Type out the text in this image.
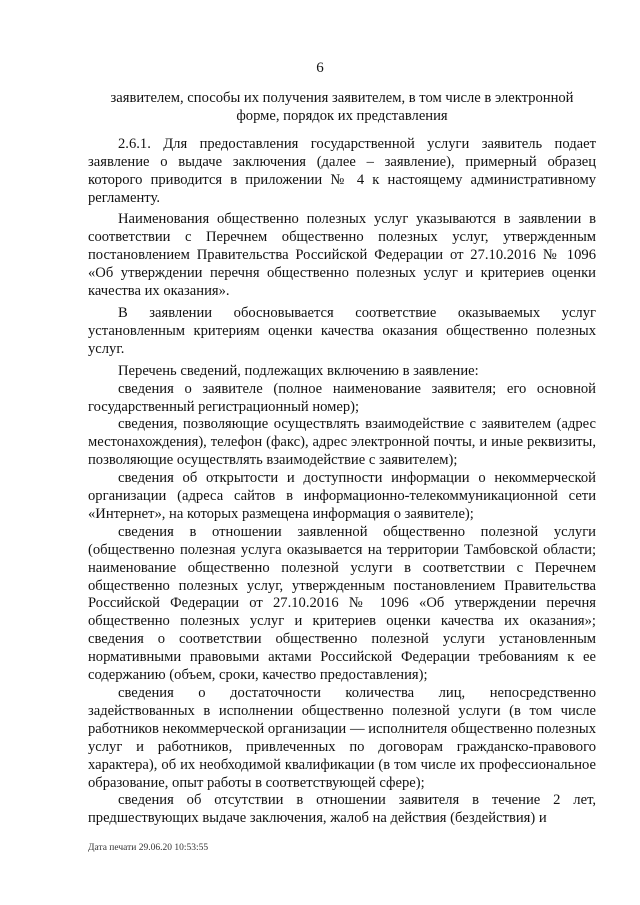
6
заявителем, способы их получения заявителем, в том числе в электронной форме, порядок их представления

2.6.1. Для предоставления государственной услуги заявитель подает заявление о выдаче заключения (далее – заявление), примерный образец которого приводится в приложении № 4 к настоящему административному регламенту.

Наименования общественно полезных услуг указываются в заявлении в соответствии с Перечнем общественно полезных услуг, утвержденным постановлением Правительства Российской Федерации от 27.10.2016 № 1096 «Об утверждении перечня общественно полезных услуг и критериев оценки качества их оказания».

В заявлении обосновывается соответствие оказываемых услуг установленным критериям оценки качества оказания общественно полезных услуг.

Перечень сведений, подлежащих включению в заявление:

сведения о заявителе (полное наименование заявителя; его основной государственный регистрационный номер);

сведения, позволяющие осуществлять взаимодействие с заявителем (адрес местонахождения), телефон (факс), адрес электронной почты, и иные реквизиты, позволяющие осуществлять взаимодействие с заявителем);

сведения об открытости и доступности информации о некоммерческой организации (адреса сайтов в информационно-телекоммуникационной сети «Интернет», на которых размещена информация о заявителе);

сведения в отношении заявленной общественно полезной услуги (общественно полезная услуга оказывается на территории Тамбовской области; наименование общественно полезной услуги в соответствии с Перечнем общественно полезных услуг, утвержденным постановлением Правительства Российской Федерации от 27.10.2016 № 1096 «Об утверждении перечня общественно полезных услуг и критериев оценки качества их оказания»; сведения о соответствии общественно полезной услуги установленным нормативными правовыми актами Российской Федерации требованиям к ее содержанию (объем, сроки, качество предоставления);

сведения о достаточности количества лиц, непосредственно задействованных в исполнении общественно полезной услуги (в том числе работников некоммерческой организации — исполнителя общественно полезных услуг и работников, привлеченных по договорам гражданско-правового характера), об их необходимой квалификации (в том числе их профессиональное образование, опыт работы в соответствующей сфере);

сведения об отсутствии в отношении заявителя в течение 2 лет, предшествующих выдаче заключения, жалоб на действия (бездействия) и

Дата печати 29.06.20 10:53:55
